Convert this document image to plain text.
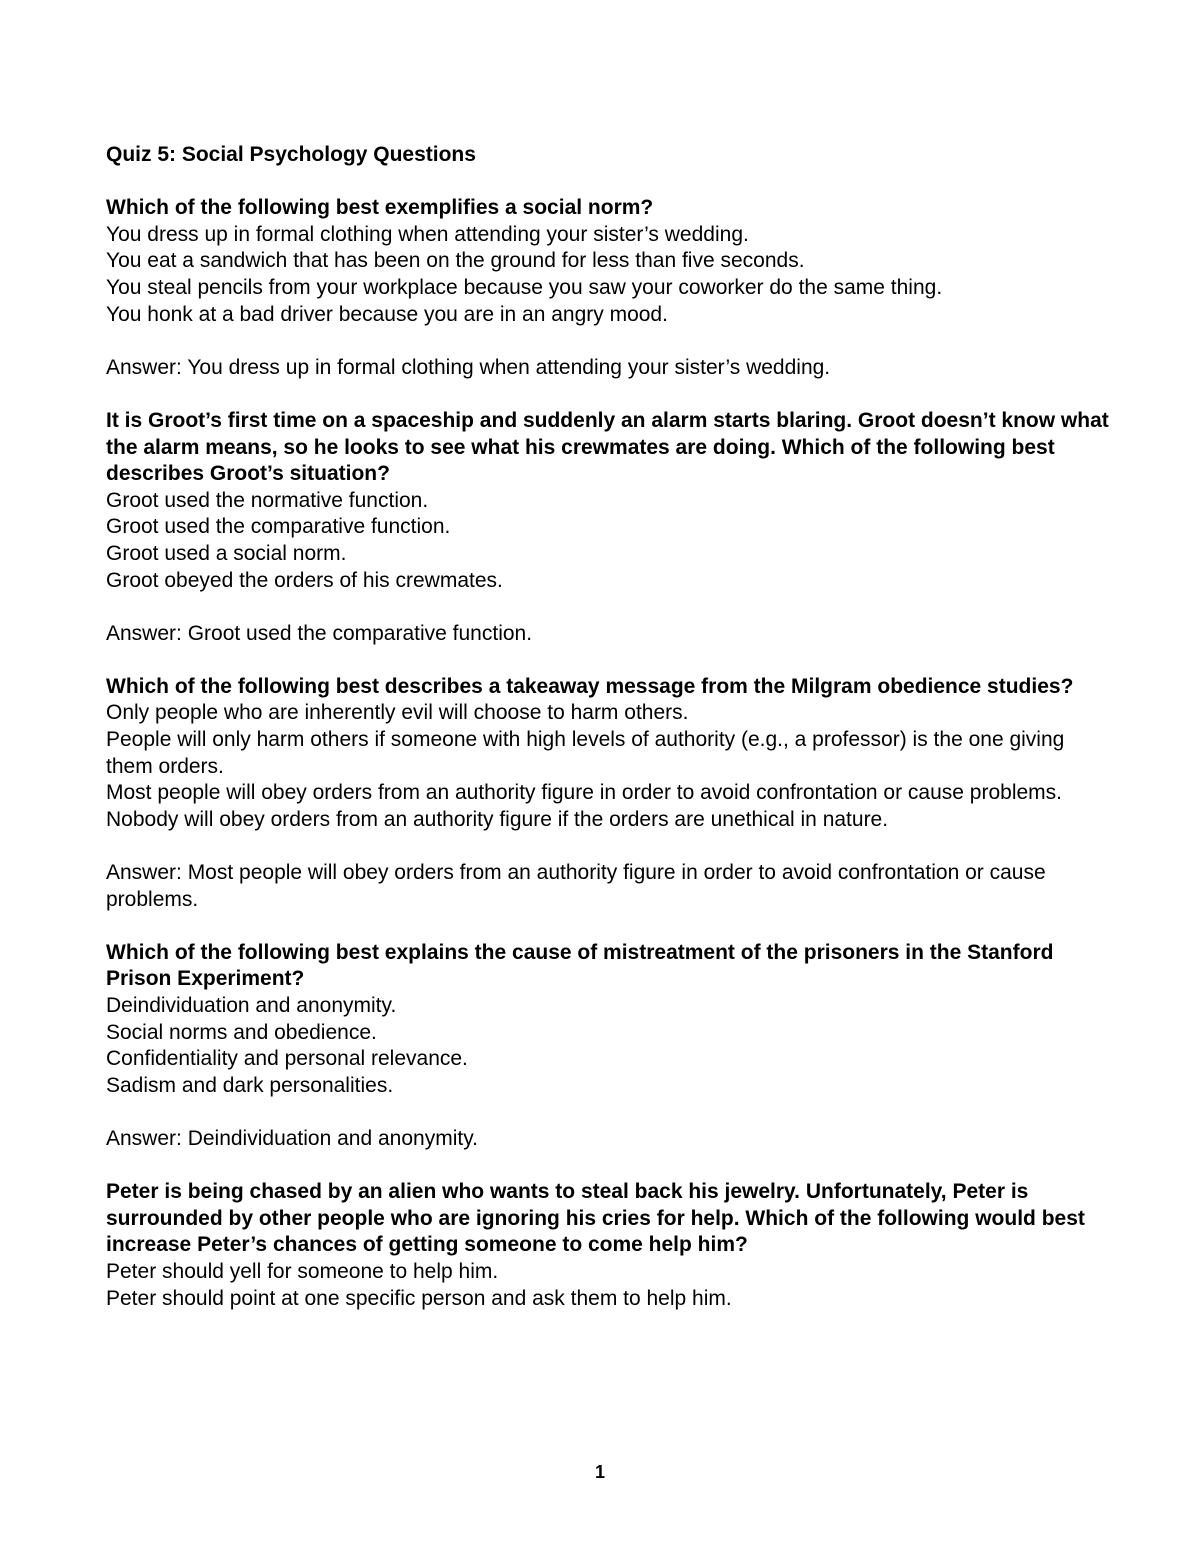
Quiz 5: Social Psychology Questions

Which of the following best exemplifies a social norm?

You dress up in formal clothing when attending your sister’s wedding.

You eat a sandwich that has been on the ground for less than five seconds.

You steal pencils from your workplace because you saw your coworker do the same thing.

You honk at a bad driver because you are in an angry mood.

Answer: You dress up in formal clothing when attending your sister’s wedding.

It is Groot’s first time on a spaceship and suddenly an alarm starts blaring. Groot doesn’t know what the alarm means, so he looks to see what his crewmates are doing. Which of the following best describes Groot’s situation?

Groot used the normative function.

Groot used the comparative function.

Groot used a social norm.

Groot obeyed the orders of his crewmates.

Answer: Groot used the comparative function.

Which of the following best describes a takeaway message from the Milgram obedience studies?

Only people who are inherently evil will choose to harm others.

People will only harm others if someone with high levels of authority (e.g., a professor) is the one giving them orders.

Most people will obey orders from an authority figure in order to avoid confrontation or cause problems.

Nobody will obey orders from an authority figure if the orders are unethical in nature.

Answer: Most people will obey orders from an authority figure in order to avoid confrontation or cause problems.

Which of the following best explains the cause of mistreatment of the prisoners in the Stanford Prison Experiment?

Deindividuation and anonymity.

Social norms and obedience.

Confidentiality and personal relevance.

Sadism and dark personalities.

Answer: Deindividuation and anonymity.

Peter is being chased by an alien who wants to steal back his jewelry. Unfortunately, Peter is surrounded by other people who are ignoring his cries for help. Which of the following would best increase Peter’s chances of getting someone to come help him?

Peter should yell for someone to help him.

Peter should point at one specific person and ask them to help him.

1
